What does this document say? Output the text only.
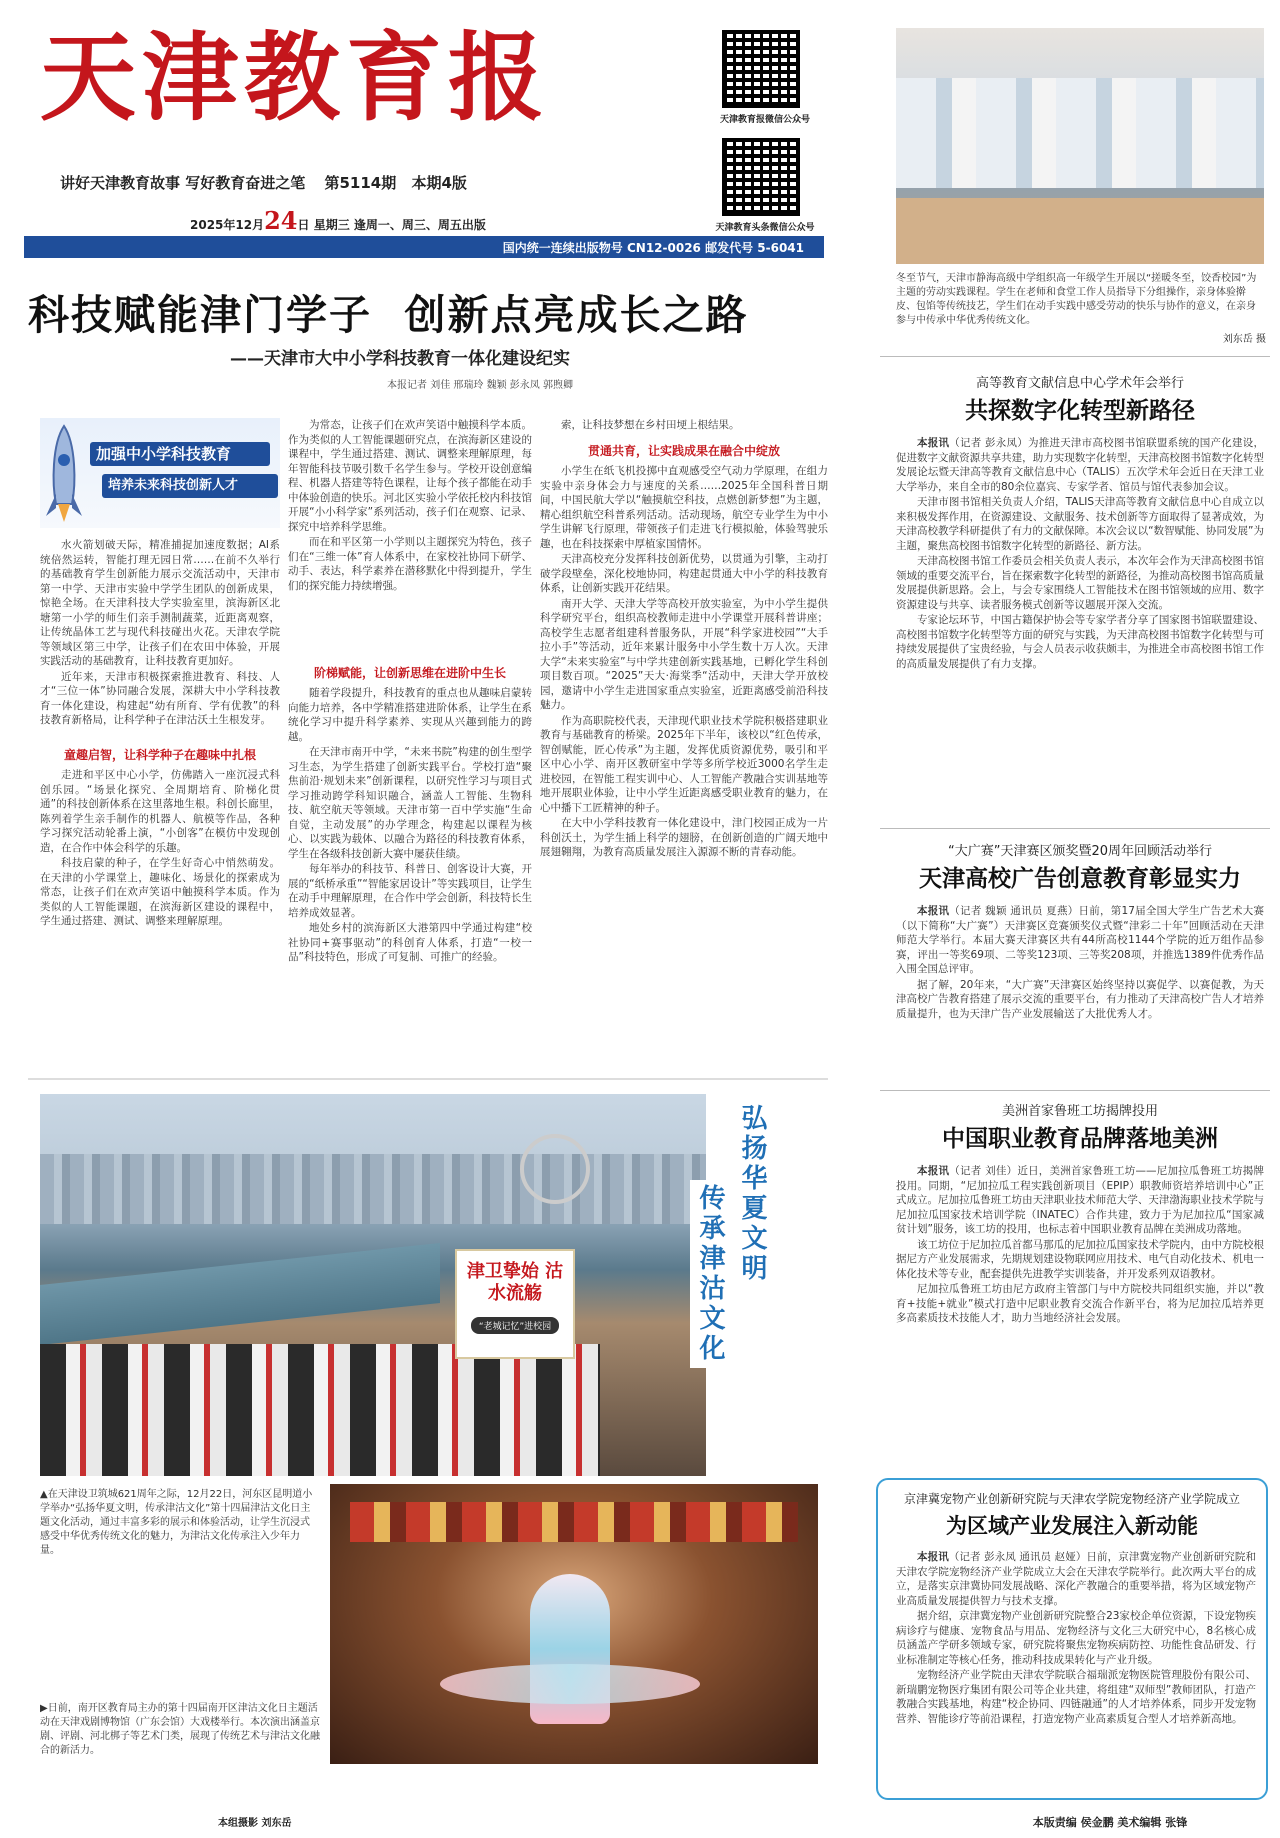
天津教育报
讲好天津教育故事 写好教育奋进之笔 第5114期 本期4版
2025年12月24日 星期三 逢周一、周三、周五出版
国内统一连续出版物号 CN12-0026 邮发代号 5-6041
天津教育报微信公众号
天津教育头条微信公众号
科技赋能津门学子  创新点亮成长之路
——天津市大中小学科技教育一体化建设纪实
本报记者 刘佳 邢瑞玲 魏颖 彭永凤 郭煦卿
加强中小学科技教育
培养未来科技创新人才

水火箭划破天际，精准捕捉加速度数据；AI系统倍然运转，智能打理无园日常……在前不久举行的基础教育学生创新能力展示交流活动中，天津市第一中学、天津市实验中学学生团队的创新成果，惊艳全场。在天津科技大学实验室里，滨海新区北塘第一小学的师生们亲手测制蔬菜，近距离观察，让传统晶体工艺与现代科技碰出火花。天津农学院等领域区第三中学，让孩子们在农田中体验，开展实践活动的基础教育，让科技教育更加好。

近年来，天津市积极探索推进教育、科技、人才“三位一体”协同融合发展，深耕大中小学科技教育一体化建设，构建起“幼有所育、学有优教”的科技教育新格局，让科学种子在津沽沃土生根发芽。

童趣启智，让科学种子在趣味中扎根

走进和平区中心小学，仿佛踏入一座沉浸式科创乐园。“场景化探究、全周期培育、阶梯化贯通”的科技创新体系在这里落地生根。科创长廊里，陈列着学生亲手制作的机器人、航模等作品，各种学习探究活动轮番上演，“小创客”在模仿中发现创造，在合作中体会科学的乐趣。

科技启蒙的种子，在学生好奇心中悄然萌发。在天津的小学课堂上，趣味化、场景化的探索成为常态，让孩子们在欢声笑语中触摸科学本质。作为类似的人工智能课题，在滨海新区建设的课程中，学生通过搭建、测试、调整来理解原理。

为常态，让孩子们在欢声笑语中触摸科学本质。作为类似的人工智能课题研究点，在滨海新区建设的课程中，学生通过搭建、测试、调整来理解原理，每年智能科技节吸引数千名学生参与。学校开设创意编程、机器人搭建等特色课程，让每个孩子都能在动手中体验创造的快乐。河北区实验小学依托校内科技馆开展“小小科学家”系列活动，孩子们在观察、记录、探究中培养科学思维。

而在和平区第一小学则以主题探究为特色，孩子们在“三维一体”育人体系中，在家校社协同下研学、动手、表达，科学素养在潜移默化中得到提升，学生们的探究能力持续增强。

阶梯赋能，让创新思维在进阶中生长

随着学段提升，科技教育的重点也从趣味启蒙转向能力培养，各中学精准搭建进阶体系，让学生在系统化学习中提升科学素养、实现从兴趣到能力的跨越。

在天津市南开中学，“未来书院”构建的创生型学习生态，为学生搭建了创新实践平台。学校打造“聚焦前沿·规划未来”创新课程，以研究性学习与项目式学习推动跨学科知识融合，涵盖人工智能、生物科技、航空航天等领域。天津市第一百中学实施“生命自觉，主动发展”的办学理念，构建起以课程为核心、以实践为载体、以融合为路径的科技教育体系，学生在各级科技创新大赛中屡获佳绩。

每年举办的科技节、科普日、创客设计大赛，开展的“纸桥承重”“智能家居设计”等实践项目，让学生在动手中理解原理，在合作中学会创新，科技特长生培养成效显著。

地处乡村的滨海新区大港第四中学通过构建“校社协同+赛事驱动”的科创育人体系，打造“一校一品”科技特色，形成了可复制、可推广的经验。

索，让科技梦想在乡村田埂上根结果。

贯通共育，让实践成果在融合中绽放

小学生在纸飞机投掷中直观感受空气动力学原理，在组力实验中亲身体会力与速度的关系……2025年全国科普日期间，中国民航大学以“触摸航空科技，点燃创新梦想”为主题，精心组织航空科普系列活动。活动现场，航空专业学生为中小学生讲解飞行原理，带领孩子们走进飞行模拟舱，体验驾驶乐趣，也在科技探索中厚植家国情怀。

天津高校充分发挥科技创新优势，以贯通为引擎，主动打破学段壁垒，深化校地协同，构建起贯通大中小学的科技教育体系，让创新实践开花结果。

南开大学、天津大学等高校开放实验室，为中小学生提供科学研究平台，组织高校教师走进中小学课堂开展科普讲座；高校学生志愿者组建科普服务队，开展“科学家进校园”“大手拉小手”等活动，近年来累计服务中小学生数十万人次。天津大学“未来实验室”与中学共建创新实践基地，已孵化学生科创项目数百项。“2025”天大·海棠季“活动中，天津大学开放校园，邀请中小学生走进国家重点实验室，近距离感受前沿科技魅力。

作为高职院校代表，天津现代职业技术学院积极搭建职业教育与基础教育的桥梁。2025年下半年，该校以“红色传承，智创赋能，匠心传承”为主题，发挥优质资源优势，吸引和平区中心小学、南开区教研室中学等多所学校近3000名学生走进校园，在智能工程实训中心、人工智能产教融合实训基地等地开展职业体验，让中小学生近距离感受职业教育的魅力，在心中播下工匠精神的种子。

在大中小学科技教育一体化建设中，津门校园正成为一片科创沃土，为学生插上科学的翅膀，在创新创造的广阔天地中展翅翱翔，为教育高质量发展注入源源不断的青春动能。

津卫挚始 沽水流觞
“老城记忆”进校园
弘扬华夏文明
传承津沽文化
▲在天津设卫筑城621周年之际，12月22日，河东区昆明道小学举办“弘扬华夏文明，传承津沽文化”第十四届津沽文化日主题文化活动，通过丰富多彩的展示和体验活动，让学生沉浸式感受中华优秀传统文化的魅力，为津沽文化传承注入少年力量。
▶日前，南开区教育局主办的第十四届南开区津沽文化日主题活动在天津戏剧博物馆（广东会馆）大戏楼举行。本次演出涵盖京剧、评剧、河北梆子等艺术门类，展现了传统艺术与津沽文化融合的新活力。
本组摄影 刘东岳
冬至节气，天津市静海高级中学组织高一年级学生开展以“搓暖冬至，饺香校园”为主题的劳动实践课程。学生在老师和食堂工作人员指导下分组操作，亲身体验擀皮、包馅等传统技艺，学生们在动手实践中感受劳动的快乐与协作的意义，在亲身参与中传承中华优秀传统文化。
刘东岳 摄
高等教育文献信息中心学术年会举行
共探数字化转型新路径

本报讯（记者 彭永凤）为推进天津市高校图书馆联盟系统的国产化建设，促进数字文献资源共享共建，助力实现数字化转型，天津高校图书馆数字化转型发展论坛暨天津高等教育文献信息中心（TALIS）五次学术年会近日在天津工业大学举办，来自全市的80余位嘉宾、专家学者、馆员与馆代表参加会议。

天津市图书馆相关负责人介绍，TALIS天津高等教育文献信息中心自成立以来积极发挥作用，在资源建设、文献服务、技术创新等方面取得了显著成效，为天津高校教学科研提供了有力的文献保障。本次会议以“数智赋能、协同发展”为主题，聚焦高校图书馆数字化转型的新路径、新方法。

天津高校图书馆工作委员会相关负责人表示，本次年会作为天津高校图书馆领域的重要交流平台，旨在探索数字化转型的新路径，为推动高校图书馆高质量发展提供新思路。会上，与会专家围绕人工智能技术在图书馆领域的应用、数字资源建设与共享、读者服务模式创新等议题展开深入交流。

专家论坛环节，中国古籍保护协会等专家学者分享了国家图书馆联盟建设、高校图书馆数字化转型等方面的研究与实践，为天津高校图书馆数字化转型与可持续发展提供了宝贵经验，与会人员表示收获颇丰，为推进全市高校图书馆工作的高质量发展提供了有力支撑。

“大广赛”天津赛区颁奖暨20周年回顾活动举行
天津高校广告创意教育彰显实力

本报讯（记者 魏颖 通讯员 夏燕）日前，第17届全国大学生广告艺术大赛（以下简称“大广赛”）天津赛区竞赛颁奖仪式暨“津彩二十年”回顾活动在天津师范大学举行。本届大赛天津赛区共有44所高校1144个学院的近万组作品参赛，评出一等奖69项、二等奖123项、三等奖208项，并推选1389件优秀作品入围全国总评审。

据了解，20年来，“大广赛”天津赛区始终坚持以赛促学、以赛促教，为天津高校广告教育搭建了展示交流的重要平台，有力推动了天津高校广告人才培养质量提升，也为天津广告产业发展输送了大批优秀人才。

美洲首家鲁班工坊揭牌投用
中国职业教育品牌落地美洲

本报讯（记者 刘佳）近日，美洲首家鲁班工坊——尼加拉瓜鲁班工坊揭牌投用。同期，“尼加拉瓜工程实践创新项目（EPIP）职教师资培养培训中心”正式成立。尼加拉瓜鲁班工坊由天津职业技术师范大学、天津渤海职业技术学院与尼加拉瓜国家技术培训学院（INATEC）合作共建，致力于为尼加拉瓜“国家减贫计划”服务，该工坊的投用，也标志着中国职业教育品牌在美洲成功落地。

该工坊位于尼加拉瓜首都马那瓜的尼加拉瓜国家技术学院内，由中方院校根据尼方产业发展需求，先期规划建设物联网应用技术、电气自动化技术、机电一体化技术等专业，配套提供先进教学实训装备，并开发系列双语教材。

尼加拉瓜鲁班工坊由尼方政府主管部门与中方院校共同组织实施，并以“教育+技能+就业”模式打造中尼职业教育交流合作新平台，将为尼加拉瓜培养更多高素质技术技能人才，助力当地经济社会发展。

京津冀宠物产业创新研究院与天津农学院宠物经济产业学院成立
为区域产业发展注入新动能

本报讯（记者 彭永凤 通讯员 赵娅）日前，京津冀宠物产业创新研究院和天津农学院宠物经济产业学院成立大会在天津农学院举行。此次两大平台的成立，是落实京津冀协同发展战略、深化产教融合的重要举措，将为区域宠物产业高质量发展提供智力与技术支撑。

据介绍，京津冀宠物产业创新研究院整合23家校企单位资源，下设宠物疾病诊疗与健康、宠物食品与用品、宠物经济与文化三大研究中心，8名核心成员涵盖产学研多领域专家，研究院将聚焦宠物疾病防控、功能性食品研发、行业标准制定等核心任务，推动科技成果转化与产业升级。

宠物经济产业学院由天津农学院联合福瑞派宠物医院管理股份有限公司、新瑞鹏宠物医疗集团有限公司等企业共建，将组建“双师型”教师团队，打造产教融合实践基地，构建“校企协同、四链融通”的人才培养体系，同步开发宠物营养、智能诊疗等前沿课程，打造宠物产业高素质复合型人才培养新高地。

本版责编 侯金鹏 美术编辑 张锋
